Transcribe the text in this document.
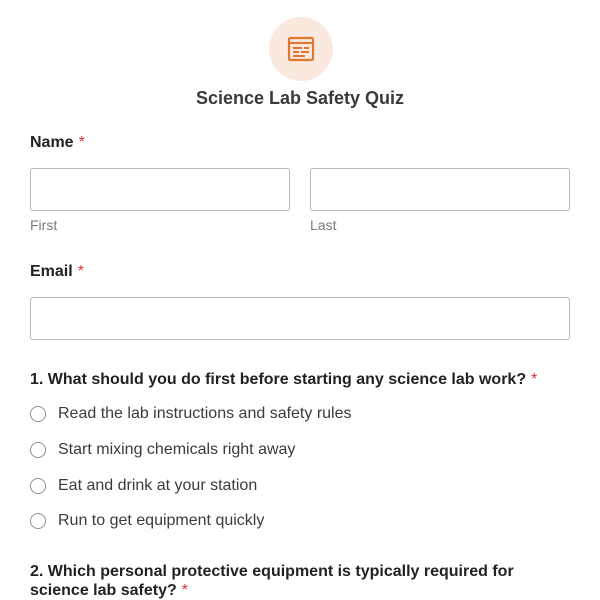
Science Lab Safety Quiz
Name *
First	Last
Email *
1. What should you do first before starting any science lab work? *
Read the lab instructions and safety rules
Start mixing chemicals right away
Eat and drink at your station
Run to get equipment quickly
2. Which personal protective equipment is typically required for
science lab safety? *
